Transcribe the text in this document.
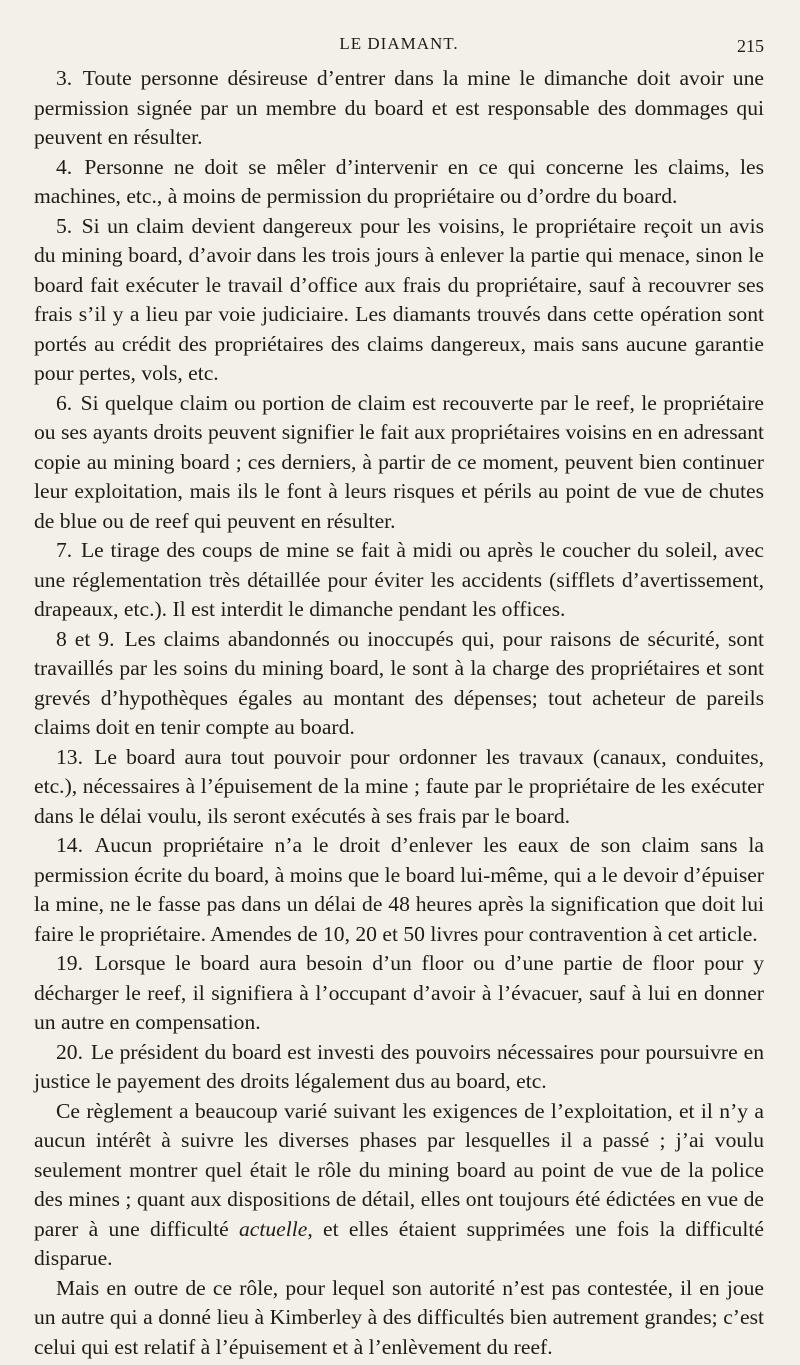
LE DIAMANT.	215

3. Toute personne désireuse d’entrer dans la mine le dimanche doit avoir une permission signée par un membre du board et est responsable des dommages qui peuvent en résulter.

4. Personne ne doit se mêler d’intervenir en ce qui concerne les claims, les machines, etc., à moins de permission du propriétaire ou d’ordre du board.

5. Si un claim devient dangereux pour les voisins, le propriétaire reçoit un avis du mining board, d’avoir dans les trois jours à enlever la partie qui menace, sinon le board fait exécuter le travail d’office aux frais du propriétaire, sauf à recouvrer ses frais s’il y a lieu par voie judiciaire. Les diamants trouvés dans cette opération sont portés au crédit des propriétaires des claims dangereux, mais sans aucune garantie pour pertes, vols, etc.

6. Si quelque claim ou portion de claim est recouverte par le reef, le propriétaire ou ses ayants droits peuvent signifier le fait aux propriétaires voisins en en adressant copie au mining board ; ces derniers, à partir de ce moment, peuvent bien continuer leur exploitation, mais ils le font à leurs risques et périls au point de vue de chutes de blue ou de reef qui peuvent en résulter.

7. Le tirage des coups de mine se fait à midi ou après le coucher du soleil, avec une réglementation très détaillée pour éviter les accidents (sifflets d’avertissement, drapeaux, etc.). Il est interdit le dimanche pendant les offices.

8 et 9. Les claims abandonnés ou inoccupés qui, pour raisons de sécurité, sont travaillés par les soins du mining board, le sont à la charge des propriétaires et sont grevés d’hypothèques égales au montant des dépenses; tout acheteur de pareils claims doit en tenir compte au board.

13. Le board aura tout pouvoir pour ordonner les travaux (canaux, conduites, etc.), nécessaires à l’épuisement de la mine ; faute par le propriétaire de les exécuter dans le délai voulu, ils seront exécutés à ses frais par le board.

14. Aucun propriétaire n’a le droit d’enlever les eaux de son claim sans la permission écrite du board, à moins que le board lui-même, qui a le devoir d’épuiser la mine, ne le fasse pas dans un délai de 48 heures après la signification que doit lui faire le propriétaire. Amendes de 10, 20 et 50 livres pour contravention à cet article.

19. Lorsque le board aura besoin d’un floor ou d’une partie de floor pour y décharger le reef, il signifiera à l’occupant d’avoir à l’évacuer, sauf à lui en donner un autre en compensation.

20. Le président du board est investi des pouvoirs nécessaires pour poursuivre en justice le payement des droits légalement dus au board, etc.

Ce règlement a beaucoup varié suivant les exigences de l’exploitation, et il n’y a aucun intérêt à suivre les diverses phases par lesquelles il a passé ; j’ai voulu seulement montrer quel était le rôle du mining board au point de vue de la police des mines ; quant aux dispositions de détail, elles ont toujours été édictées en vue de parer à une difficulté actuelle, et elles étaient supprimées une fois la difficulté disparue.

Mais en outre de ce rôle, pour lequel son autorité n’est pas contestée, il en joue un autre qui a donné lieu à Kimberley à des difficultés bien autrement grandes; c’est celui qui est relatif à l’épuisement et à l’enlèvement du reef.
